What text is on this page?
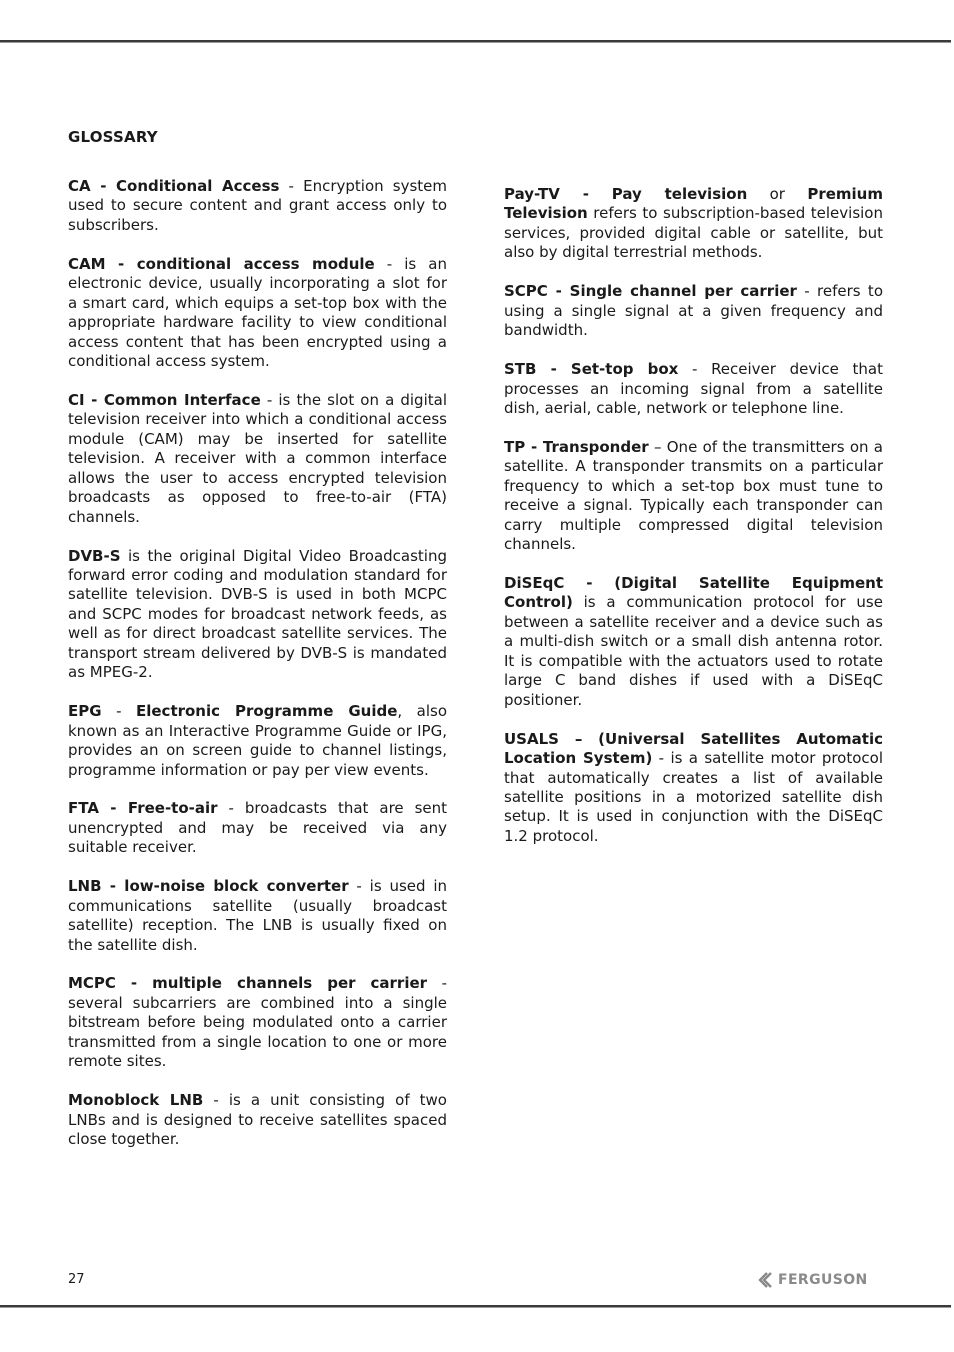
GLOSSARY

CA - Conditional Access - Encryption system used to secure content and grant access only to subscribers.

CAM - conditional access module - is an electronic device, usually incorporating a slot for a smart card, which equips a set-top box with the appropriate hardware facility to view conditional access content that has been encrypted using a conditional access system.

CI - Common Interface - is the slot on a digital television receiver into which a conditional access module (CAM) may be inserted for satellite television. A receiver with a common interface allows the user to access encrypted television broadcasts as opposed to free-to-air (FTA) channels.

DVB-S is the original Digital Video Broadcasting forward error coding and modulation standard for satellite television. DVB-S is used in both MCPC and SCPC modes for broadcast network feeds, as well as for direct broadcast satellite services. The transport stream delivered by DVB-S is mandated as MPEG-2.

EPG - Electronic Programme Guide, also known as an Interactive Programme Guide or IPG, provides an on screen guide to channel listings, programme information or pay per view events.

FTA - Free-to-air - broadcasts that are sent unencrypted and may be received via any suitable receiver.

LNB - low-noise block converter - is used in communications satellite (usually broadcast satellite) reception. The LNB is usually fixed on the satellite dish.

MCPC - multiple channels per carrier - several subcarriers are combined into a single bitstream before being modulated onto a carrier transmitted from a single location to one or more remote sites.

Monoblock LNB - is a unit consisting of two LNBs and is designed to receive satellites spaced close together.

Pay-TV - Pay television or Premium Television refers to subscription-based television services, provided digital cable or satellite, but also by digital terrestrial methods.

SCPC - Single channel per carrier - refers to using a single signal at a given frequency and bandwidth.

STB - Set-top box - Receiver device that processes an incoming signal from a satellite dish, aerial, cable, network or telephone line.

TP - Transponder – One of the transmitters on a satellite. A transponder transmits on a particular frequency to which a set-top box must tune to receive a signal. Typically each transponder can carry multiple compressed digital television channels.

DiSEqC - (Digital Satellite Equipment Control) is a communication protocol for use between a satellite receiver and a device such as a multi-dish switch or a small dish antenna rotor. It is compatible with the actuators used to rotate large C band dishes if used with a DiSEqC positioner.

USALS – (Universal Satellites Automatic Location System) - is a satellite motor protocol that automatically creates a list of available satellite positions in a motorized satellite dish setup. It is used in conjunction with the DiSEqC 1.2 protocol.

27	FERGUSON
